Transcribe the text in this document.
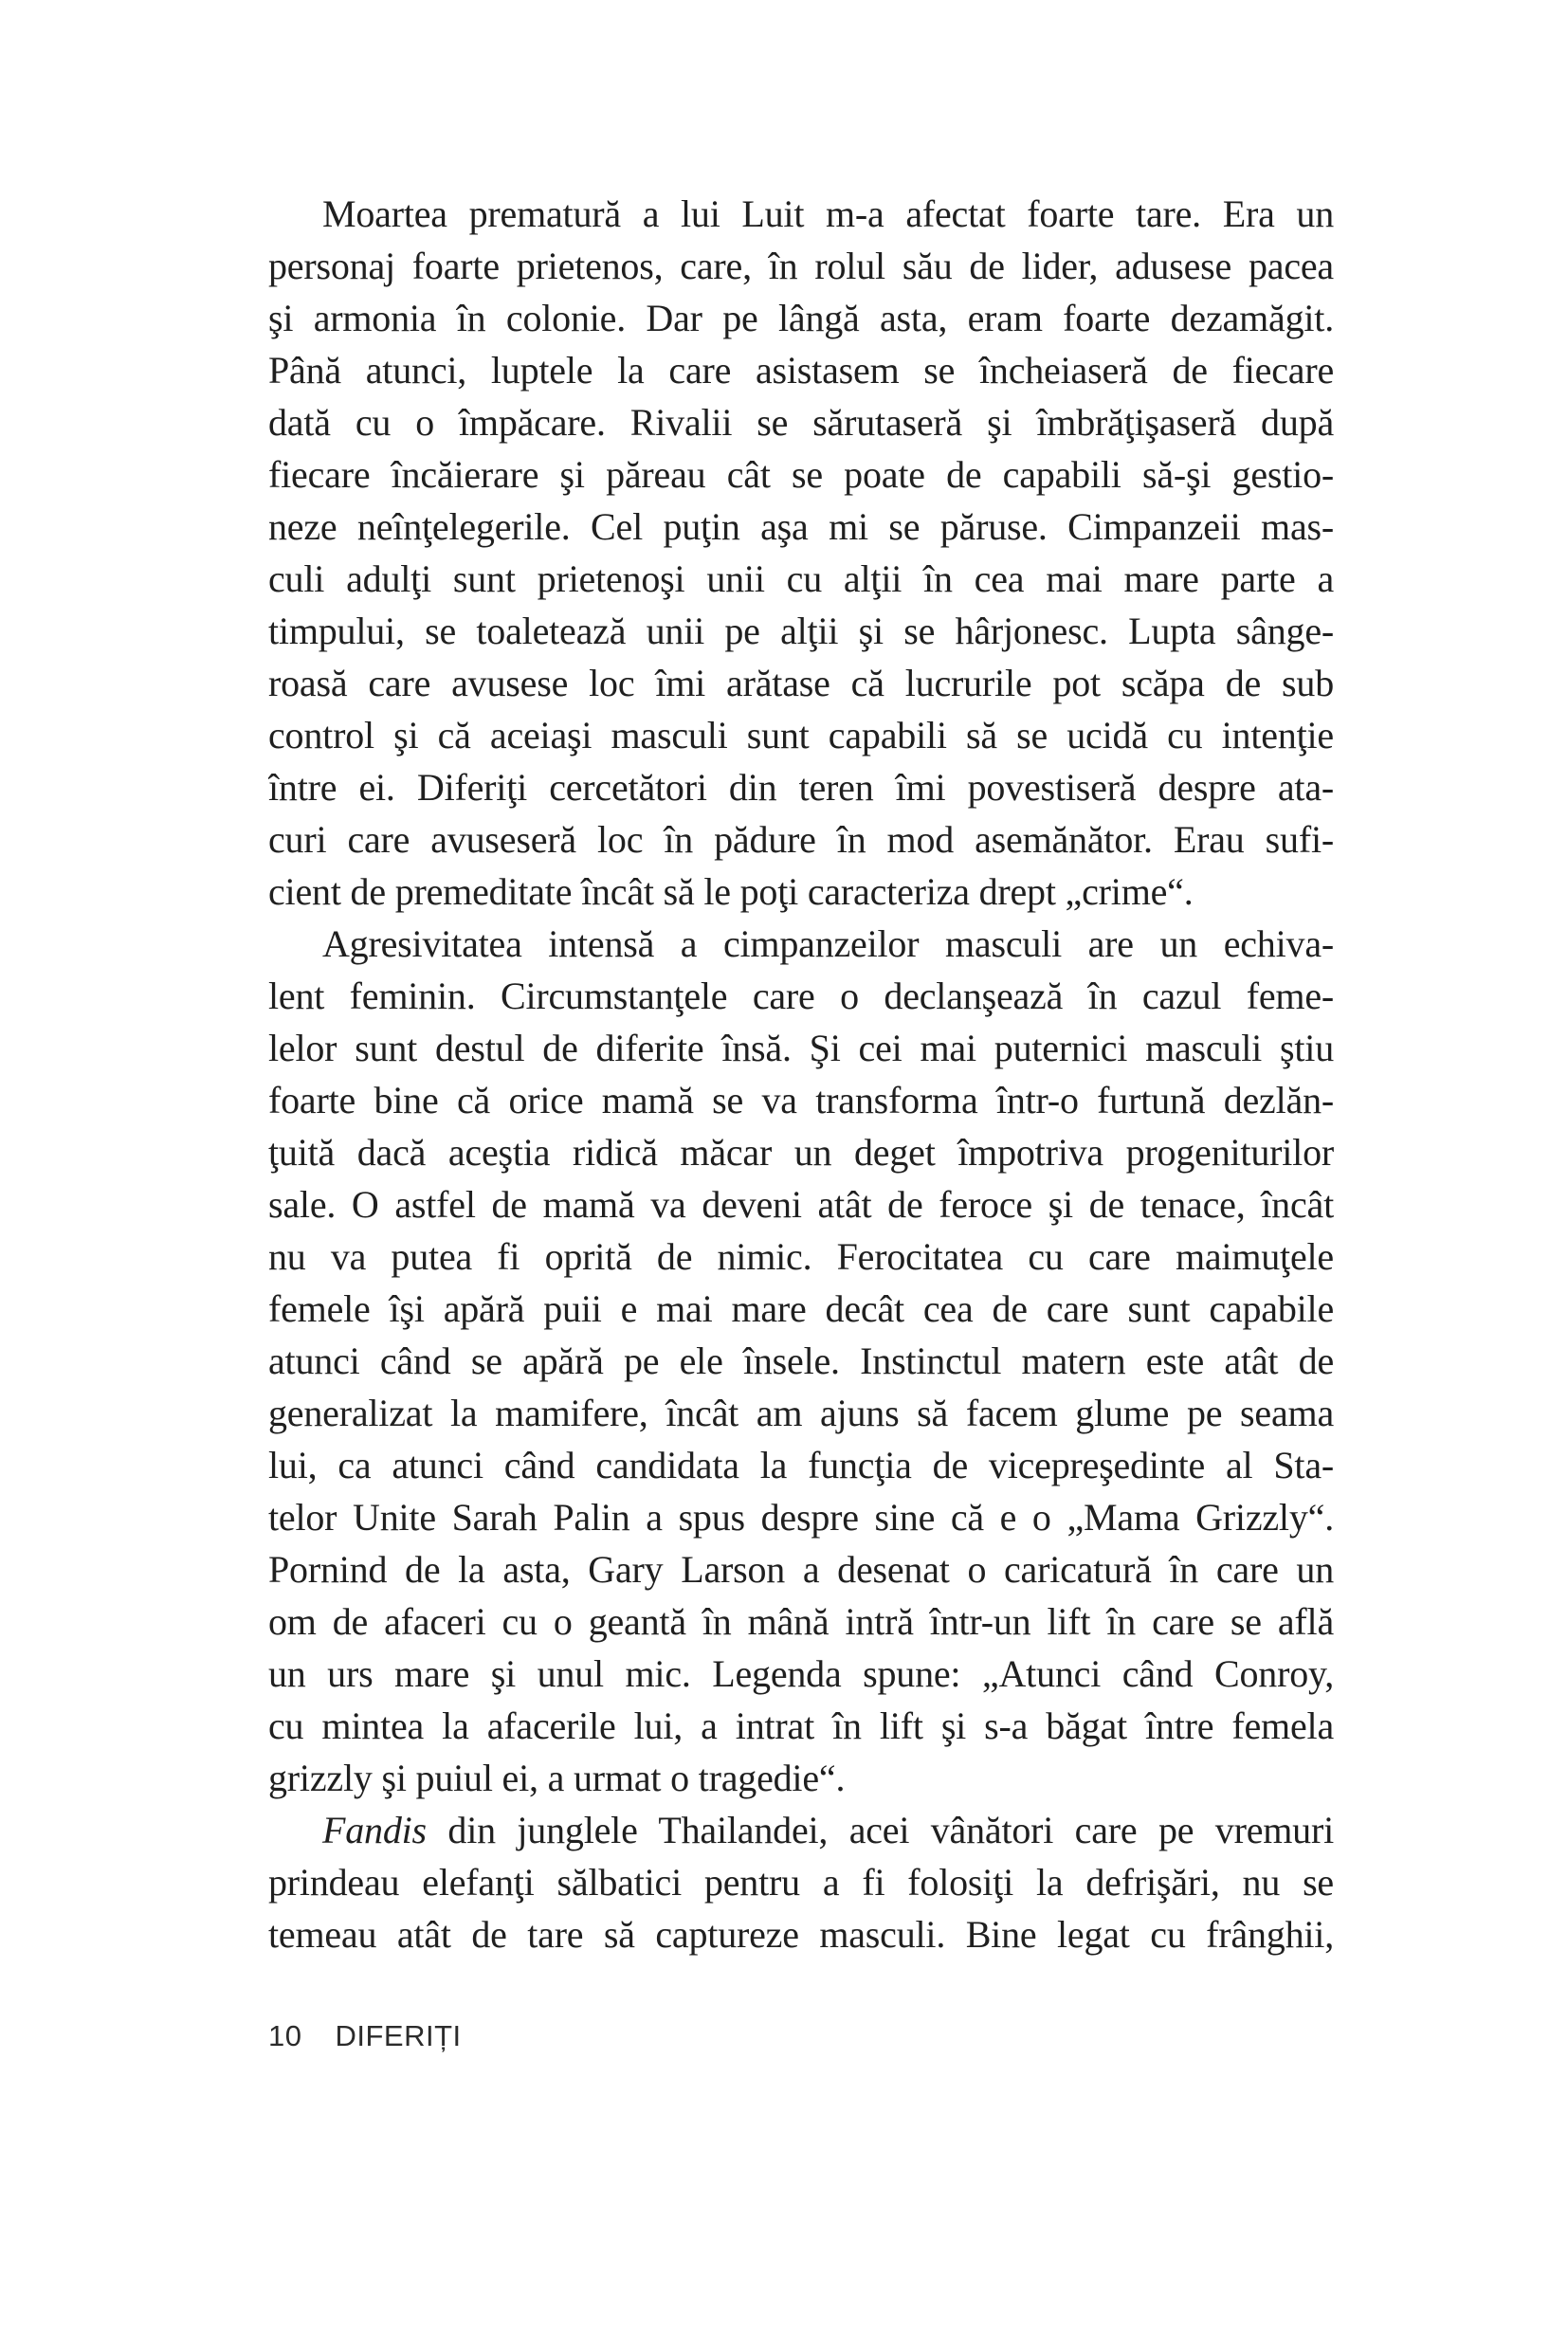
Moartea prematură a lui Luit m-a afectat foarte tare. Era un
personaj foarte prietenos, care, în rolul său de lider, adusese pacea
şi armonia în colonie. Dar pe lângă asta, eram foarte dezamăgit.
Până atunci, luptele la care asistasem se încheiaseră de fiecare
dată cu o împăcare. Rivalii se sărutaseră şi îmbrăţişaseră după
fiecare încăierare şi păreau cât se poate de capabili să-şi gestio-
neze neînţelegerile. Cel puţin aşa mi se păruse. Cimpanzeii mas-
culi adulţi sunt prietenoşi unii cu alţii în cea mai mare parte a
timpului, se toaletează unii pe alţii şi se hârjonesc. Lupta sânge-
roasă care avusese loc îmi arătase că lucrurile pot scăpa de sub
control şi că aceiaşi masculi sunt capabili să se ucidă cu intenţie
între ei. Diferiţi cercetători din teren îmi povestiseră despre ata-
curi care avuseseră loc în pădure în mod asemănător. Erau sufi-
cient de premeditate încât să le poţi caracteriza drept „crime“.
Agresivitatea intensă a cimpanzeilor masculi are un echiva-
lent feminin. Circumstanţele care o declanşează în cazul feme-
lelor sunt destul de diferite însă. Şi cei mai puternici masculi ştiu
foarte bine că orice mamă se va transforma într-o furtună dezlăn-
ţuită dacă aceştia ridică măcar un deget împotriva progeniturilor
sale. O astfel de mamă va deveni atât de feroce şi de tenace, încât
nu va putea fi oprită de nimic. Ferocitatea cu care maimuţele
femele îşi apără puii e mai mare decât cea de care sunt capabile
atunci când se apără pe ele însele. Instinctul matern este atât de
generalizat la mamifere, încât am ajuns să facem glume pe seama
lui, ca atunci când candidata la funcţia de vicepreşedinte al Sta-
telor Unite Sarah Palin a spus despre sine că e o „Mama Grizzly“.
Pornind de la asta, Gary Larson a desenat o caricatură în care un
om de afaceri cu o geantă în mână intră într-un lift în care se află
un urs mare şi unul mic. Legenda spune: „Atunci când Conroy,
cu mintea la afacerile lui, a intrat în lift şi s-a băgat între femela
grizzly şi puiul ei, a urmat o tragedie“.
Fandis din junglele Thailandei, acei vânători care pe vremuri
prindeau elefanţi sălbatici pentru a fi folosiţi la defrişări, nu se
temeau atât de tare să captureze masculi. Bine legat cu frânghii,
10 DIFERIȚI
